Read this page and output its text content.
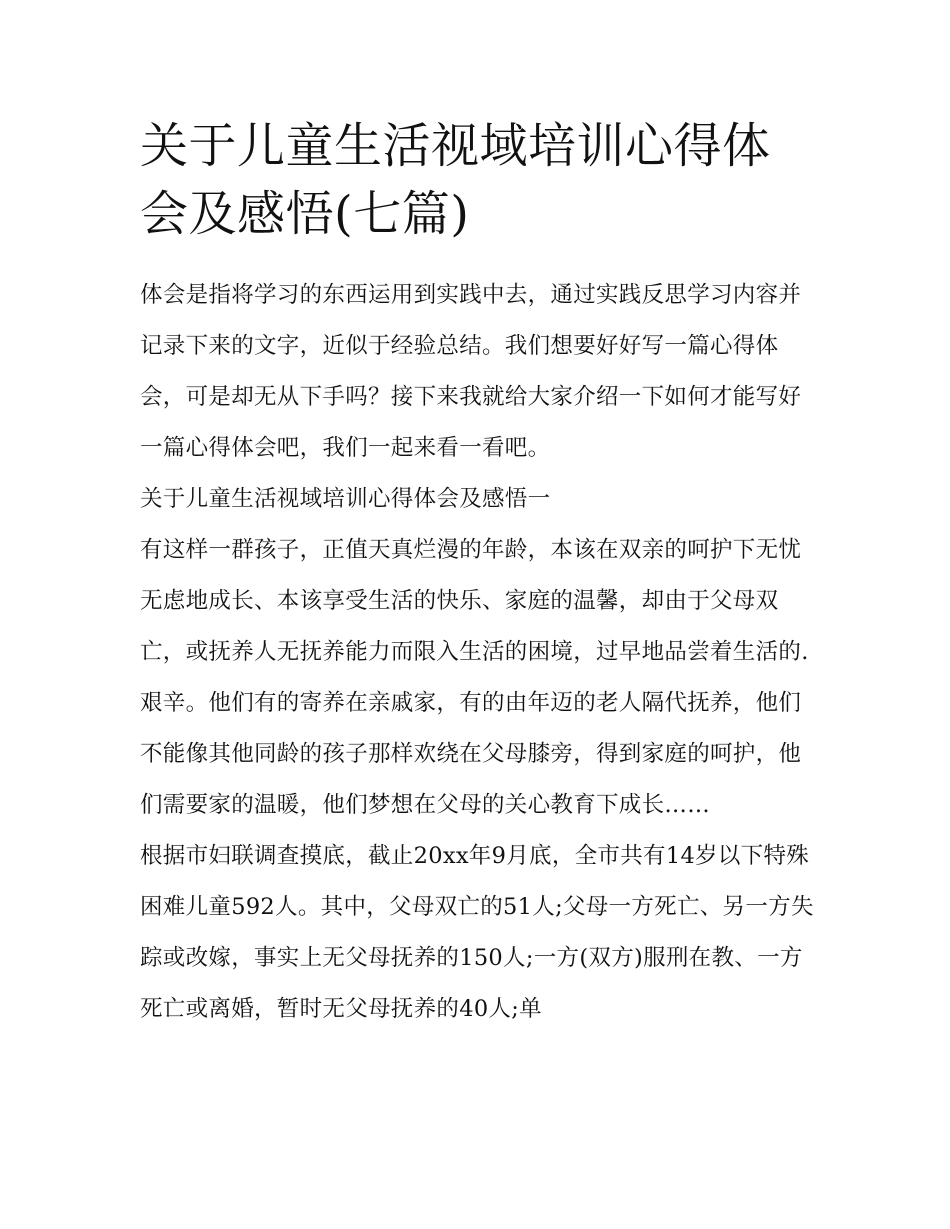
关于儿童生活视域培训心得体会及感悟(七篇)

体会是指将学习的东西运用到实践中去，通过实践反思学习内容并记录下来的文字，近似于经验总结。我们想要好好写一篇心得体会，可是却无从下手吗？接下来我就给大家介绍一下如何才能写好一篇心得体会吧，我们一起来看一看吧。

关于儿童生活视域培训心得体会及感悟一

有这样一群孩子，正值天真烂漫的年龄，本该在双亲的呵护下无忧无虑地成长、本该享受生活的快乐、家庭的温馨，却由于父母双亡，或抚养人无抚养能力而限入生活的困境，过早地品尝着生活的.艰辛。他们有的寄养在亲戚家，有的由年迈的老人隔代抚养，他们不能像其他同龄的孩子那样欢绕在父母膝旁，得到家庭的呵护，他们需要家的温暖，他们梦想在父母的关心教育下成长……

根据市妇联调查摸底，截止20xx年9月底，全市共有14岁以下特殊困难儿童592人。其中，父母双亡的51人;父母一方死亡、另一方失踪或改嫁，事实上无父母抚养的150人;一方(双方)服刑在教、一方死亡或离婚，暂时无父母抚养的40人;单
